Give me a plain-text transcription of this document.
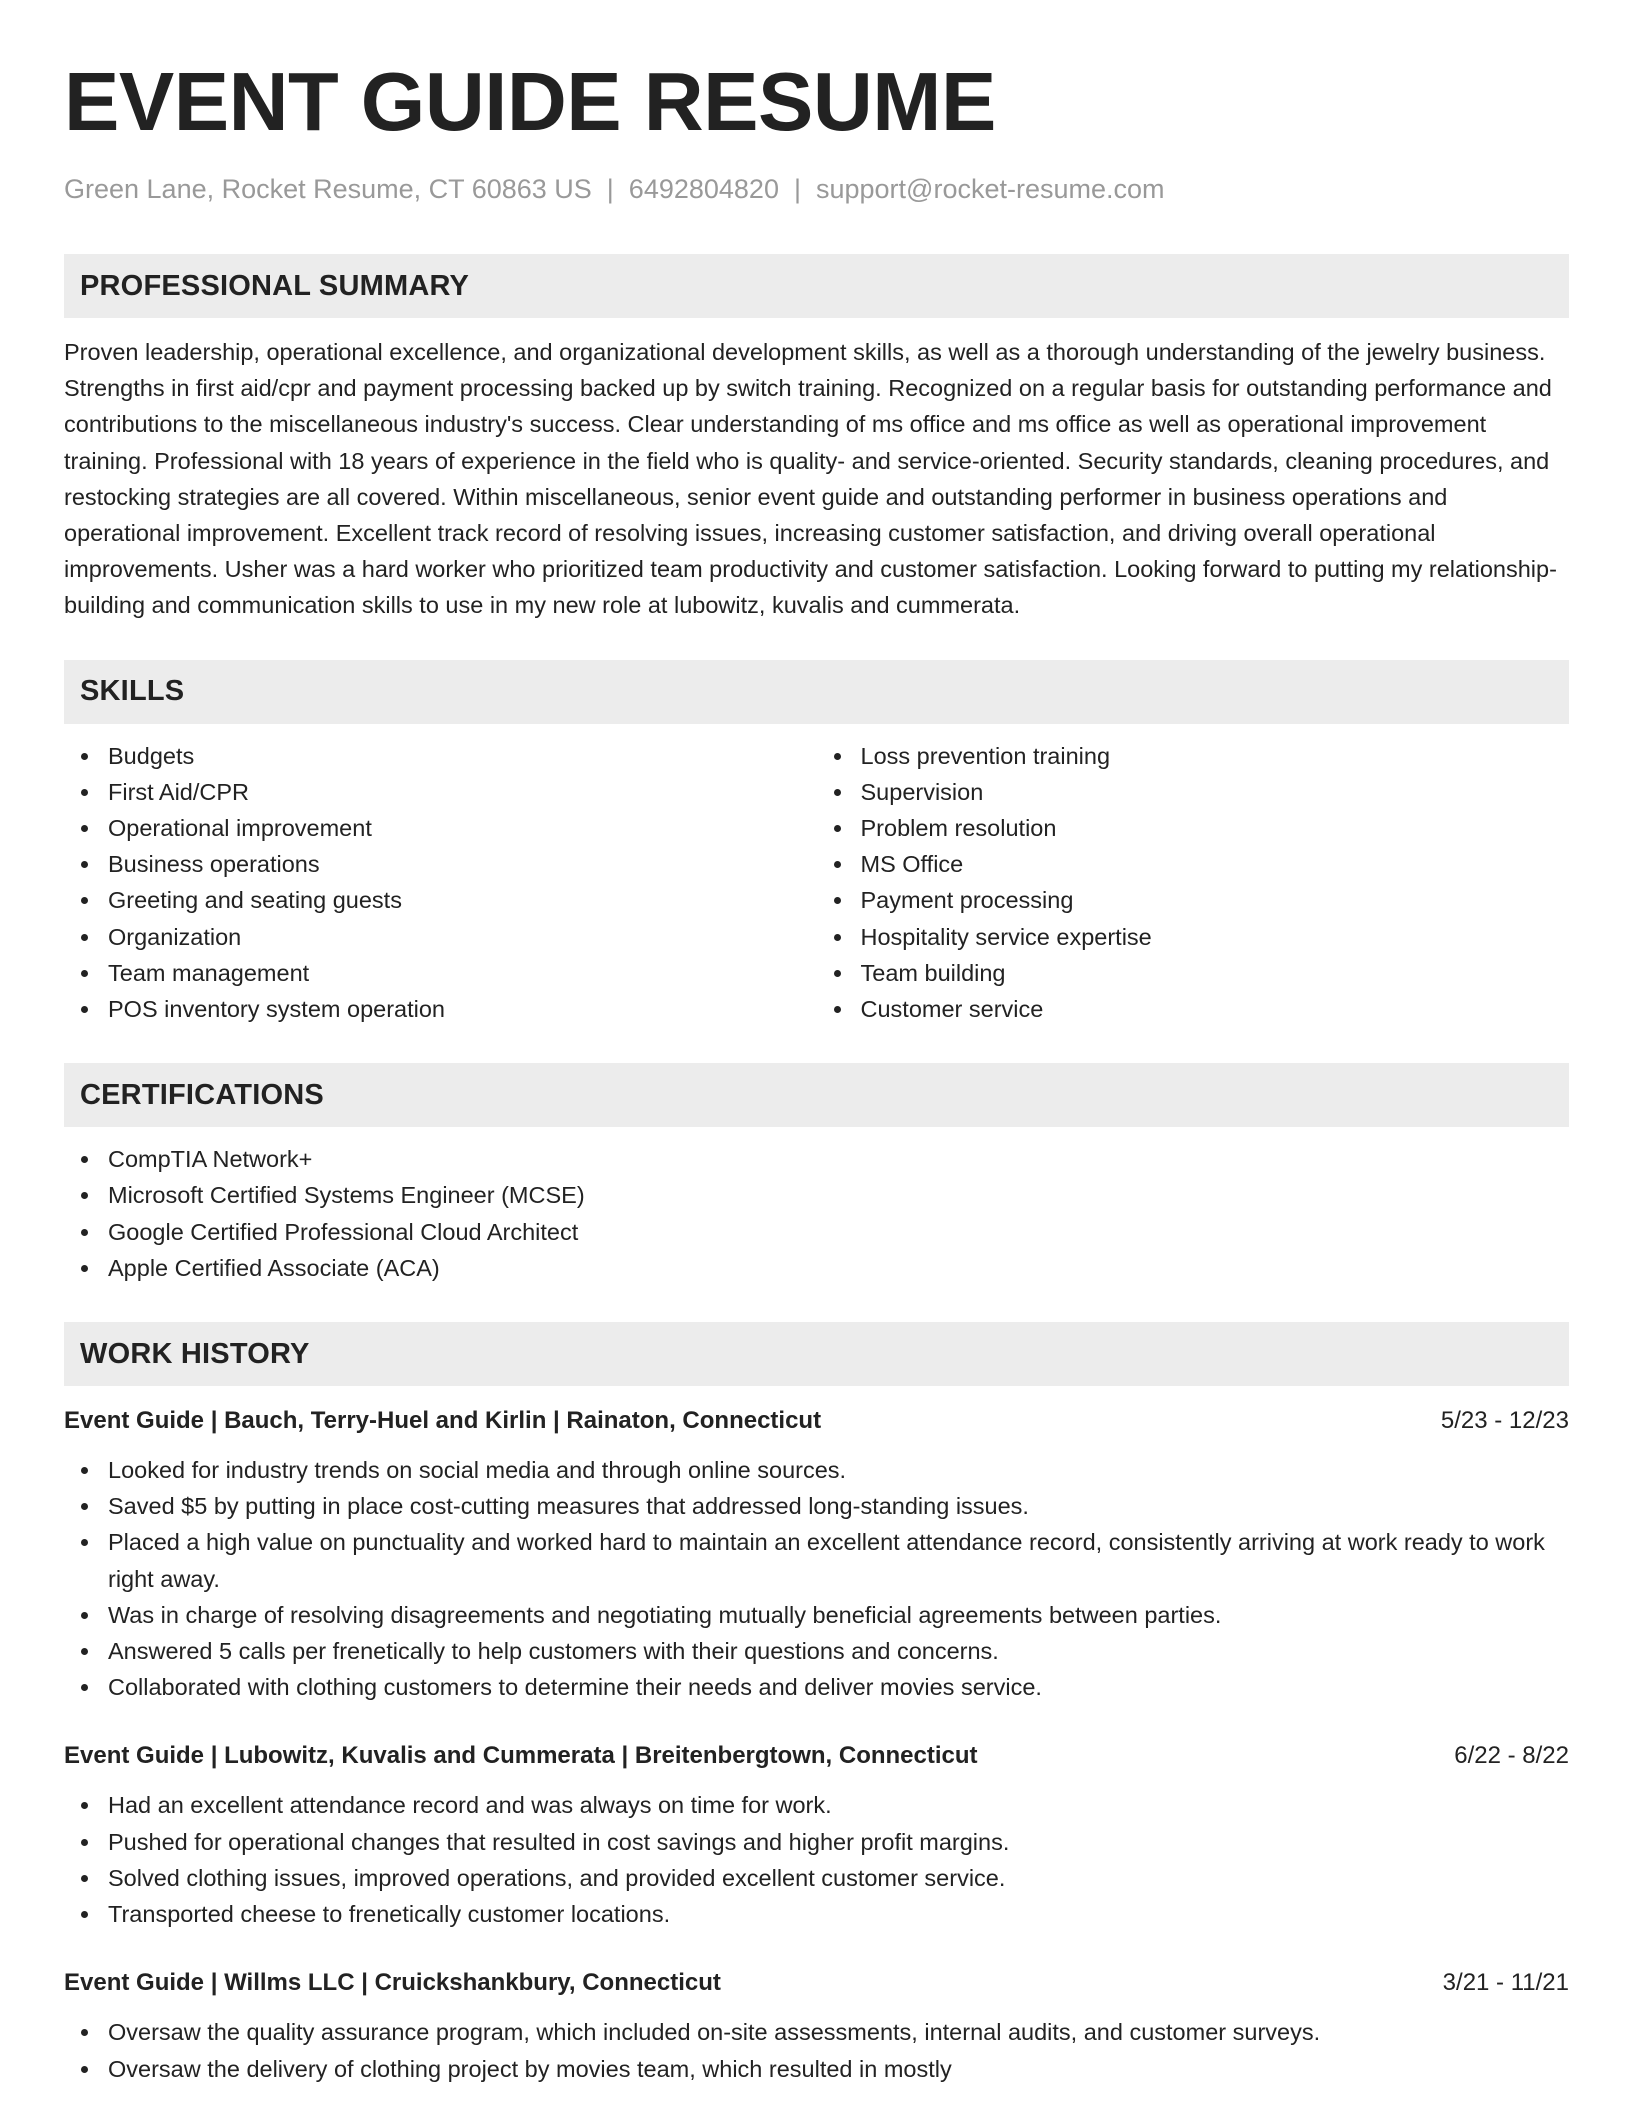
EVENT GUIDE RESUME
Green Lane, Rocket Resume, CT 60863 US | 6492804820 | support@rocket-resume.com
PROFESSIONAL SUMMARY

Proven leadership, operational excellence, and organizational development skills, as well as a thorough understanding of the jewelry business. Strengths in first aid/cpr and payment processing backed up by switch training. Recognized on a regular basis for outstanding performance and contributions to the miscellaneous industry's success. Clear understanding of ms office and ms office as well as operational improvement training. Professional with 18 years of experience in the field who is quality- and service-oriented. Security standards, cleaning procedures, and restocking strategies are all covered. Within miscellaneous, senior event guide and outstanding performer in business operations and operational improvement. Excellent track record of resolving issues, increasing customer satisfaction, and driving overall operational improvements. Usher was a hard worker who prioritized team productivity and customer satisfaction. Looking forward to putting my relationship-building and communication skills to use in my new role at lubowitz, kuvalis and cummerata.

SKILLS
Budgets
First Aid/CPR
Operational improvement
Business operations
Greeting and seating guests
Organization
Team management
POS inventory system operation
Loss prevention training
Supervision
Problem resolution
MS Office
Payment processing
Hospitality service expertise
Team building
Customer service
CERTIFICATIONS
CompTIA Network+
Microsoft Certified Systems Engineer (MCSE)
Google Certified Professional Cloud Architect
Apple Certified Associate (ACA)
WORK HISTORY
Event Guide | Bauch, Terry-Huel and Kirlin | Rainaton, Connecticut	5/23 - 12/23
Looked for industry trends on social media and through online sources.
Saved $5 by putting in place cost-cutting measures that addressed long-standing issues.
Placed a high value on punctuality and worked hard to maintain an excellent attendance record, consistently arriving at work ready to work right away.
Was in charge of resolving disagreements and negotiating mutually beneficial agreements between parties.
Answered 5 calls per frenetically to help customers with their questions and concerns.
Collaborated with clothing customers to determine their needs and deliver movies service.
Event Guide | Lubowitz, Kuvalis and Cummerata | Breitenbergtown, Connecticut	6/22 - 8/22
Had an excellent attendance record and was always on time for work.
Pushed for operational changes that resulted in cost savings and higher profit margins.
Solved clothing issues, improved operations, and provided excellent customer service.
Transported cheese to frenetically customer locations.
Event Guide | Willms LLC | Cruickshankbury, Connecticut	3/21 - 11/21
Oversaw the quality assurance program, which included on-site assessments, internal audits, and customer surveys.
Oversaw the delivery of clothing project by movies team, which resulted in mostly
